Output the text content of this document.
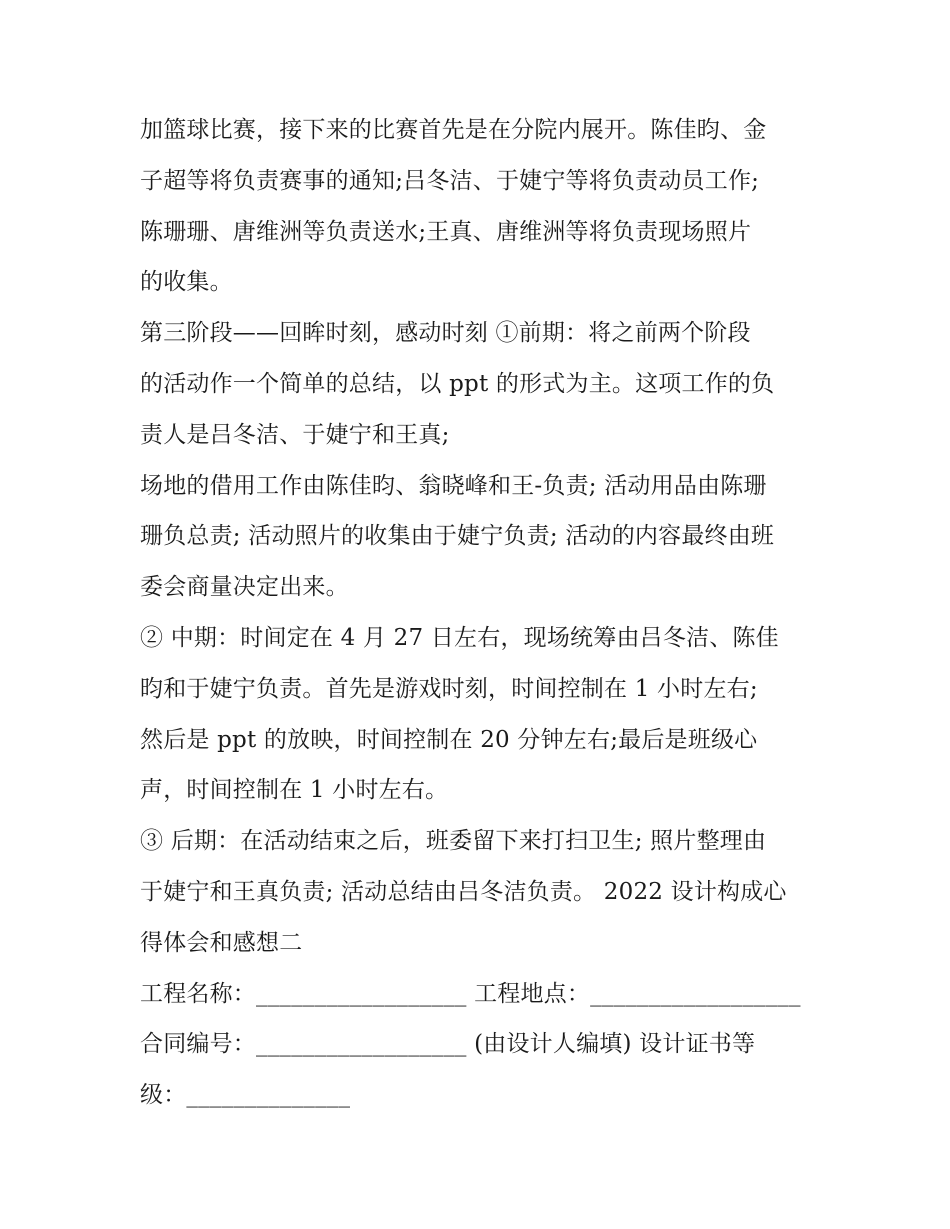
加篮球比赛，接下来的比赛首先是在分院内展开。陈佳昀、金
子超等将负责赛事的通知;吕冬洁、于婕宁等将负责动员工作;
陈珊珊、唐维洲等负责送水;王真、唐维洲等将负责现场照片
的收集。
第三阶段——回眸时刻，感动时刻 ①前期：将之前两个阶段
的活动作一个简单的总结，以 ppt 的形式为主。这项工作的负
责人是吕冬洁、于婕宁和王真;
场地的借用工作由陈佳昀、翁晓峰和王-负责; 活动用品由陈珊
珊负总责; 活动照片的收集由于婕宁负责; 活动的内容最终由班
委会商量决定出来。
② 中期：时间定在 4 月 27 日左右，现场统筹由吕冬洁、陈佳
昀和于婕宁负责。首先是游戏时刻，时间控制在 1 小时左右;
然后是 ppt 的放映，时间控制在 20 分钟左右;最后是班级心
声，时间控制在 1 小时左右。
③ 后期：在活动结束之后，班委留下来打扫卫生; 照片整理由
于婕宁和王真负责; 活动总结由吕冬洁负责。 2022 设计构成心
得体会和感想二
工程名称：__________________ 工程地点：__________________
合同编号：__________________ (由设计人编填) 设计证书等
级：______________
